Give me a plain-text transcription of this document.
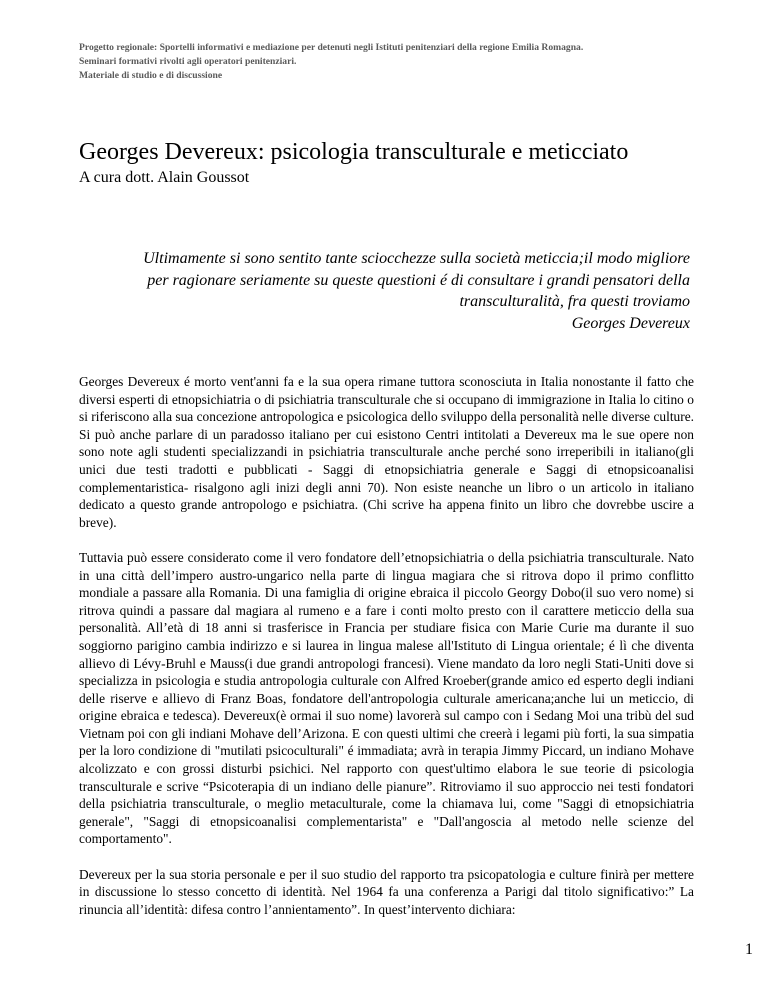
Progetto regionale: Sportelli informativi e mediazione per detenuti negli Istituti penitenziari della regione Emilia Romagna.
Seminari formativi rivolti agli operatori penitenziari.
Materiale di studio e di discussione
Georges Devereux: psicologia transculturale e meticciato
A cura dott. Alain Goussot
Ultimamente si sono sentito tante sciocchezze sulla società meticcia;il modo migliore
per ragionare seriamente su queste questioni é di consultare i grandi pensatori della
transculturalità, fra questi troviamo
Georges Devereux

Georges Devereux é morto vent'anni fa e la sua opera rimane tuttora sconosciuta in Italia nonostante il fatto che diversi esperti di etnopsichiatria o di psichiatria transculturale che si occupano di immigrazione in Italia lo citino o si riferiscono alla sua concezione antropologica e psicologica dello sviluppo della personalità nelle diverse culture. Si può anche parlare di un paradosso italiano per cui esistono Centri intitolati a Devereux ma le sue opere non sono note agli studenti specializzandi in psichiatria transculturale anche perché sono irreperibili in italiano(gli unici due testi tradotti e pubblicati - Saggi di etnopsichiatria generale e Saggi di etnopsicoanalisi complementaristica- risalgono agli inizi degli anni 70). Non esiste neanche un libro o un articolo in italiano dedicato a questo grande antropologo e psichiatra. (Chi scrive ha appena finito un libro che dovrebbe uscire a breve).

Tuttavia può essere considerato come il vero fondatore dell’etnopsichiatria o della psichiatria transculturale. Nato in una città dell’impero austro-ungarico nella parte di lingua magiara che si ritrova dopo il primo conflitto mondiale a passare alla Romania. Di una famiglia di origine ebraica il piccolo Georgy Dobo(il suo vero nome) si ritrova quindi a passare dal magiara al rumeno e a fare i conti molto presto con il carattere meticcio della sua personalità. All’età di 18 anni si trasferisce in Francia per studiare fisica con Marie Curie ma durante il suo soggiorno parigino cambia indirizzo e si laurea in lingua malese all'Istituto di Lingua orientale; é lì che diventa allievo di Lévy-Bruhl e Mauss(i due grandi antropologi francesi). Viene mandato da loro negli Stati-Uniti dove si specializza in psicologia e studia antropologia culturale con Alfred Kroeber(grande amico ed esperto degli indiani delle riserve e allievo di Franz Boas, fondatore dell'antropologia culturale americana;anche lui un meticcio, di origine ebraica e tedesca). Devereux(è ormai il suo nome) lavorerà sul campo con i Sedang Moi una tribù del sud Vietnam poi con gli indiani Mohave dell’Arizona. E con questi ultimi che creerà i legami più forti, la sua simpatia per la loro condizione di "mutilati psicoculturali" é immadiata; avrà in terapia Jimmy Piccard, un indiano Mohave alcolizzato e con grossi disturbi psichici. Nel rapporto con quest'ultimo elabora le sue teorie di psicologia transculturale e scrive “Psicoterapia di un indiano delle pianure”. Ritroviamo il suo approccio nei testi fondatori della psichiatria transculturale, o meglio metaculturale, come la chiamava lui, come "Saggi di etnopsichiatria generale", "Saggi di etnopsicoanalisi complementarista" e "Dall'angoscia al metodo nelle scienze del comportamento".

Devereux per la sua storia personale e per il suo studio del rapporto tra psicopatologia e culture finirà per mettere in discussione lo stesso concetto di identità. Nel 1964 fa una conferenza a Parigi dal titolo significativo:” La rinuncia all’identità: difesa contro l’annientamento”. In quest’intervento dichiara:

1
